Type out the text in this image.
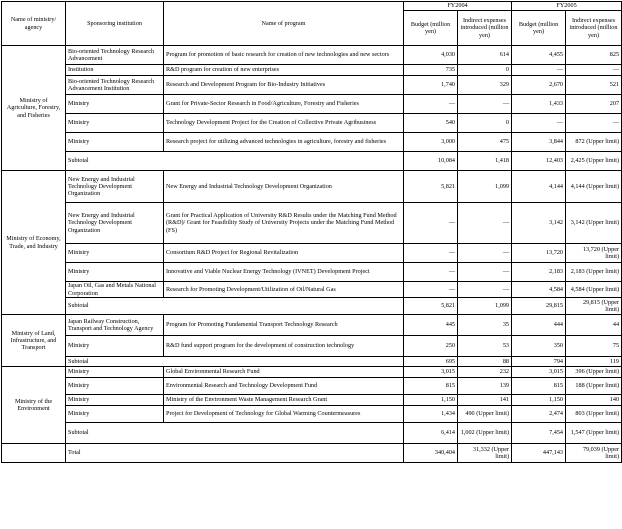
Name of ministry/ agency	Sponsoring institution	Name of program	FY2004		FY2005	
			Budget (million yen)	Indirect expenses introduced (million yen)	Budget (million yen)	Indirect expenses introduced (million yen)
Ministry of Agriculture, Forestry, and Fisheries	Bio-oriented Technology Research Advancement	Program for promotion of basic research for creation of new technologies and new sectors	4,030	614	4,455	825
	Institution	R&D program for creation of new enterprises	735	0	—	—
	Bio-oriented Technology Research Advancement Institution	Research and Development Program for Bio-Industry Initiatives	1,740	329	2,670	521
	Ministry	Grant for Private-Sector Research in Food/Agriculture, Forestry and Fisheries	—	—	1,433	207
	Ministry	Technology Development Project for the Creation of Collective Private Agribusiness	540	0	—	—
	Ministry	Research project for utilizing advanced technologies in agriculture, forestry and fisheries	3,000	475	3,844	872 (Upper limit)
	Subtotal		10,084	1,418	12,403	2,425 (Upper limit)
Ministry of Economy, Trade, and Industry	New Energy and Industrial Technology Development Organization	New Energy and Industrial Technology Development Organization	5,821	1,099	4,144	4,144 (Upper limit)
	New Energy and Industrial Technology Development Organization	Grant for Practical Application of University R&D Results under the Matching Fund Method (R&D)/ Grant for Feasibility Study of University Projects under the Matching Fund Method (FS)	—	—	3,142	3,142 (Upper limit)
	Ministry	Consortium R&D Project for Regional Revitalization	—	—	13,720	13,720 (Upper limit)
	Ministry	Innovative and Viable Nuclear Energy Technology (IVNET) Development Project	—	—	2,183	2,183 (Upper limit)
	Japan Oil, Gas and Metals National Corporation	Research for Promoting Development/Utilization of Oil/Natural Gas	—	—	4,584	4,584 (Upper limit)
	Subtotal		5,821	1,099	29,815	29,815 (Upper limit)
Ministry of Land, Infrastructure, and Transport	Japan Railway Construction, Transport and Technology Agency	Program for Promoting Fundamental Transport Technology Research	445	35	444	44
	Ministry	R&D fund support program for the development of construction technology	250	53	350	75
	Subtotal		695	88	794	119
Ministry of the Environment	Ministry	Global Environmental Research Fund	3,015	232	3,015	396 (Upper limit)
	Ministry	Environmental Research and Technology Development Fund	815	139	815	188 (Upper limit)
	Ministry	Ministry of the Environment Waste Management Research Grant	1,150	141	1,150	140
	Ministry	Project for Development of Technology for Global Warming Countermeasures	1,434	490 (Upper limit)	2,474	803 (Upper limit)
	Subtotal		6,414	1,002 (Upper limit)	7,454	1,547 (Upper limit)
	Total		340,404	31,332 (Upper limit)	447,143	79,039 (Upper limit)
